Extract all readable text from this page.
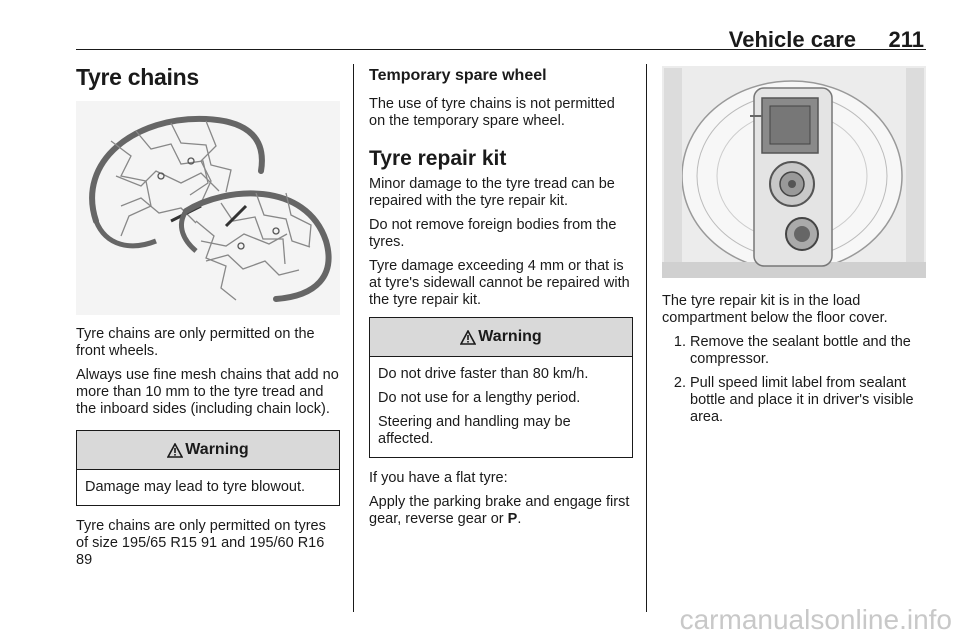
Vehicle care 211
Tyre chains

Tyre chains are only permitted on the front wheels.

Always use fine mesh chains that add no more than 10 mm to the tyre tread and the inboard sides (including chain lock).

Warning

Damage may lead to tyre blowout.

Tyre chains are only permitted on tyres of size 195/65 R15 91 and 195/60 R16 89

Temporary spare wheel

The use of tyre chains is not permitted on the temporary spare wheel.

Tyre repair kit

Minor damage to the tyre tread can be repaired with the tyre repair kit.

Do not remove foreign bodies from the tyres.

Tyre damage exceeding 4 mm or that is at tyre's sidewall cannot be repaired with the tyre repair kit.

Warning

Do not drive faster than 80 km/h.

Do not use for a lengthy period.

Steering and handling may be affected.

If you have a flat tyre:

Apply the parking brake and engage first gear, reverse gear or P.

The tyre repair kit is in the load compartment below the floor cover.

1. Remove the sealant bottle and the compressor.
2. Pull speed limit label from sealant bottle and place it in driver's visible area.
carmanualsonline.info
